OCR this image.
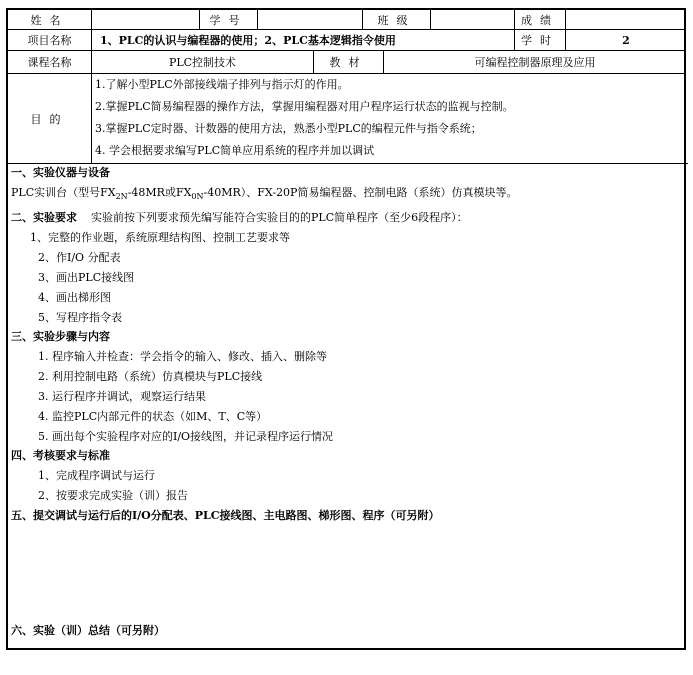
姓名	学号	班级	成绩
项目名称	1、PLC的认识与编程器的使用；2、PLC基本逻辑指令使用	学时	2
课程名称	PLC控制技术	教材	可编程控制器原理及应用
目的
1.了解小型PLC外部接线端子排列与指示灯的作用。
2.掌握PLC简易编程器的操作方法，掌握用编程器对用户程序运行状态的监视与控制。
3.掌握PLC定时器、计数器的使用方法，熟悉小型PLC的编程元件与指令系统；
4. 学会根据要求编写PLC简单应用系统的程序并加以调试
一、实验仪器与设备
PLC实训台（型号$FX_{2N}-48MR$或$FX_{0N}-40MR$）、FX-20P简易编程器、控制电路（系统）仿真模块等。
二、实验要求 实验前按下列要求预先编写能符合实验目的的PLC简单程序（至少6段程序）：
1、完整的作业题，系统原理结构图、控制工艺要求等
2、作I/O 分配表
3、画出PLC接线图
4、画出梯形图
5、写程序指令表
三、实验步骤与内容
1. 程序输入并检查：学会指令的输入、修改、插入、删除等
2. 利用控制电路（系统）仿真模块与PLC接线
3. 运行程序并调试，观察运行结果
4. 监控PLC内部元件的状态（如M、T、C等）
5. 画出每个实验程序对应的I/O接线图，并记录程序运行情况
四、考核要求与标准
1、完成程序调试与运行
2、按要求完成实验（训）报告
五、提交调试与运行后的I/O分配表、PLC接线图、主电路图、梯形图、程序（可另附）
六、实验（训）总结（可另附）
